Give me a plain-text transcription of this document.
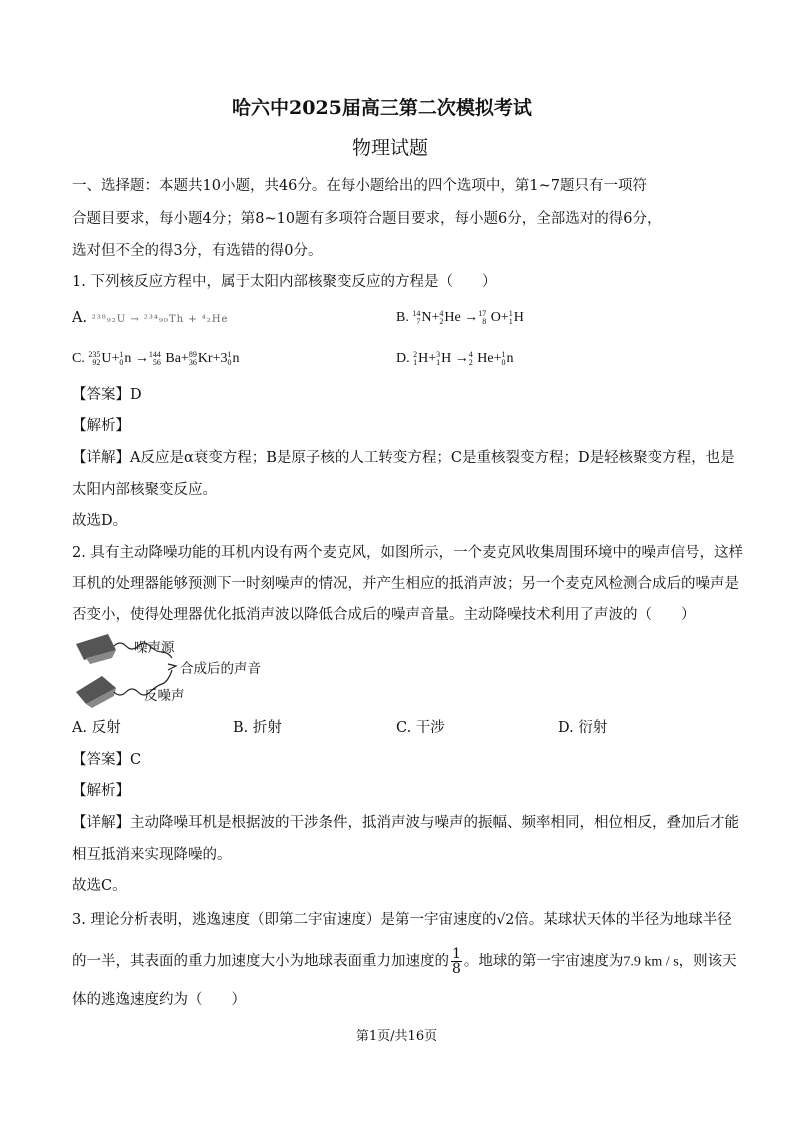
哈六中2025届高三第二次模拟考试
物理试题
一、选择题：本题共10小题，共46分。在每小题给出的四个选项中，第1~7题只有一项符
合题目要求，每小题4分；第8~10题有多项符合题目要求，每小题6分，全部选对的得6分，
选对但不全的得3分，有选错的得0分。
1. 下列核反应方程中，属于太阳内部核聚变反应的方程是（　　）
A. ²³⁸₉₂U → ²³⁴₉₀Th + ⁴₂He	B. 14
7 N+ 4
2 He → 17
8 O+ 1
1 H
C. 235
92 U+ 1
0 n → 144
56 Ba+ 89
36 Kr+3 1
0 n	D. 2
1 H+ 3
1 H → 4
2 He+ 1
0 n
【答案】D
【解析】
【详解】A反应是α衰变方程；B是原子核的人工转变方程；C是重核裂变方程；D是轻核聚变方程，也是
太阳内部核聚变反应。
故选D。
2. 具有主动降噪功能的耳机内设有两个麦克风，如图所示，一个麦克风收集周围环境中的噪声信号，这样
耳机的处理器能够预测下一时刻噪声的情况，并产生相应的抵消声波；另一个麦克风检测合成后的噪声是
否变小，使得处理器优化抵消声波以降低合成后的噪声音量。主动降噪技术利用了声波的（　　）
噪声源
合成后的声音
反噪声
A. 反射	B. 折射	C. 干涉	D. 衍射
【答案】C
【解析】
【详解】主动降噪耳机是根据波的干涉条件，抵消声波与噪声的振幅、频率相同，相位相反，叠加后才能
相互抵消来实现降噪的。
故选C。
3. 理论分析表明，逃逸速度（即第二宇宙速度）是第一宇宙速度的√2倍。某球状天体的半径为地球半径
的一半，其表面的重力加速度大小为地球表面重力加速度的 $\frac{1}{8}$ 。地球的第一宇宙速度为7.9 km / s，则该天
体的逃逸速度约为（　　）
第1页/共16页
